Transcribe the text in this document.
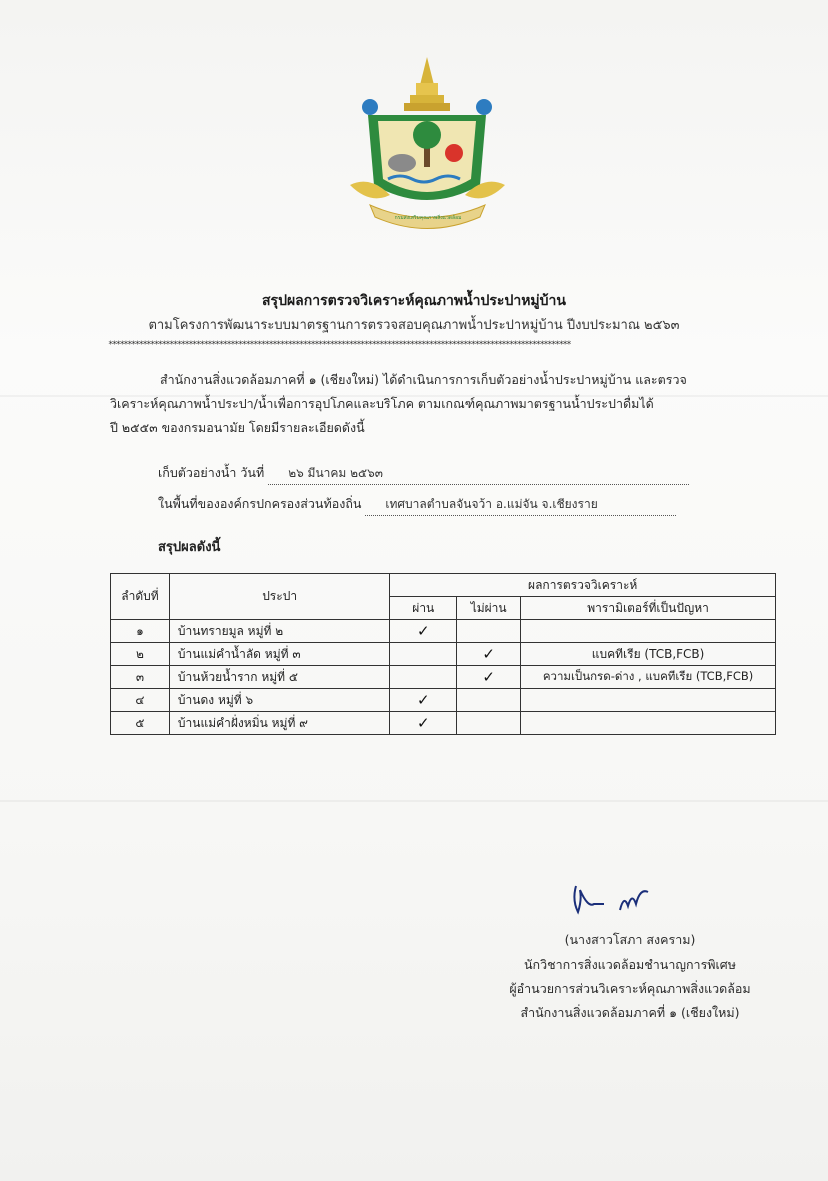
กรมส่งเสริมคุณภาพสิ่งแวดล้อม
สรุปผลการตรวจวิเคราะห์คุณภาพน้ำประปาหมู่บ้าน
ตามโครงการพัฒนาระบบมาตรฐานการตรวจสอบคุณภาพน้ำประปาหมู่บ้าน ปีงบประมาณ ๒๕๖๓
*************************************************************************************************************************
สำนักงานสิ่งแวดล้อมภาคที่ ๑ (เชียงใหม่) ได้ดำเนินการการเก็บตัวอย่างน้ำประปาหมู่บ้าน และตรวจ
วิเคราะห์คุณภาพน้ำประปา/น้ำเพื่อการอุปโภคและบริโภค ตามเกณฑ์คุณภาพมาตรฐานน้ำประปาดื่มได้
ปี ๒๕๕๓ ของกรมอนามัย โดยมีรายละเอียดดังนี้
เก็บตัวอย่างน้ำ วันที่ ๒๖ มีนาคม ๒๕๖๓
ในพื้นที่ขององค์กรปกครองส่วนท้องถิ่น เทศบาลตำบลจันจว้า อ.แม่จัน จ.เชียงราย
สรุปผลดังนี้
ลำดับที่	ประปา	ผลการตรวจวิเคราะห์		
		ผ่าน	ไม่ผ่าน	พารามิเตอร์ที่เป็นปัญหา
๑	บ้านทรายมูล หมู่ที่ ๒	✓		
๒	บ้านแม่คำน้ำลัด หมู่ที่ ๓		✓	แบคทีเรีย (TCB,FCB)
๓	บ้านห้วยน้ำราก หมู่ที่ ๕		✓	ความเป็นกรด-ด่าง , แบคทีเรีย (TCB,FCB)
๔	บ้านดง หมู่ที่ ๖	✓		
๕	บ้านแม่คำฝั่งหมิ่น หมู่ที่ ๙	✓		
(นางสาวโสภา สงคราม)
นักวิชาการสิ่งแวดล้อมชำนาญการพิเศษ
ผู้อำนวยการส่วนวิเคราะห์คุณภาพสิ่งแวดล้อม
สำนักงานสิ่งแวดล้อมภาคที่ ๑ (เชียงใหม่)
